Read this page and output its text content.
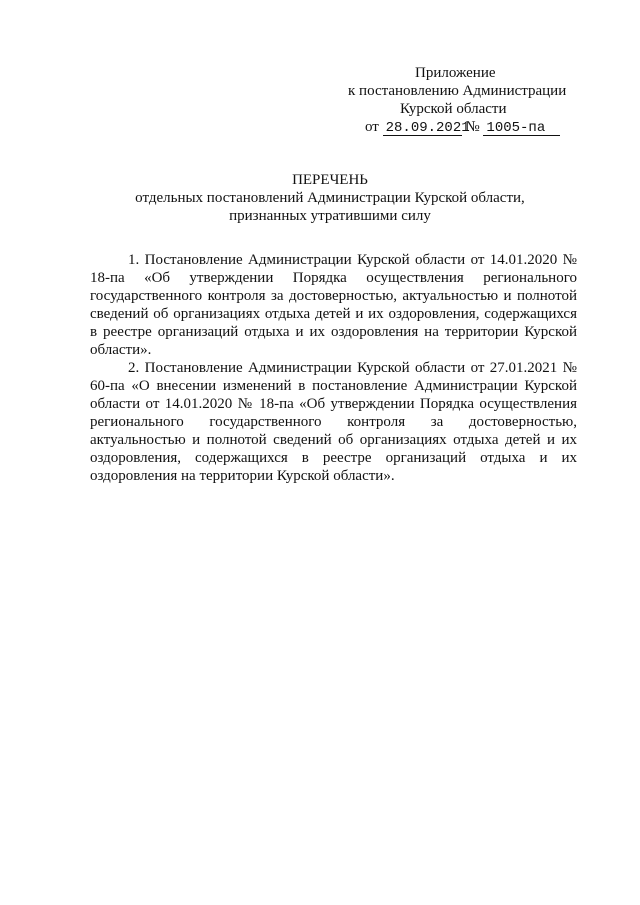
Приложение
к постановлению Администрации
Курской области
от 28.09.2021 № 1005-па
ПЕРЕЧЕНЬ
отдельных постановлений Администрации Курской области,
признанных утратившими силу

1. Постановление Администрации Курской области от 14.01.2020 № 18-па «Об утверждении Порядка осуществления регионального государственного контроля за достоверностью, актуальностью и полнотой сведений об организациях отдыха детей и их оздоровления, содержащихся в реестре организаций отдыха и их оздоровления на территории Курской области».

2. Постановление Администрации Курской области от 27.01.2021 № 60-па «О внесении изменений в постановление Администрации Курской области от 14.01.2020 № 18-па «Об утверждении Порядка осуществления регионального государственного контроля за достоверностью, актуальностью и полнотой сведений об организациях отдыха детей и их оздоровления, содержащихся в реестре организаций отдыха и их оздоровления на территории Курской области».
